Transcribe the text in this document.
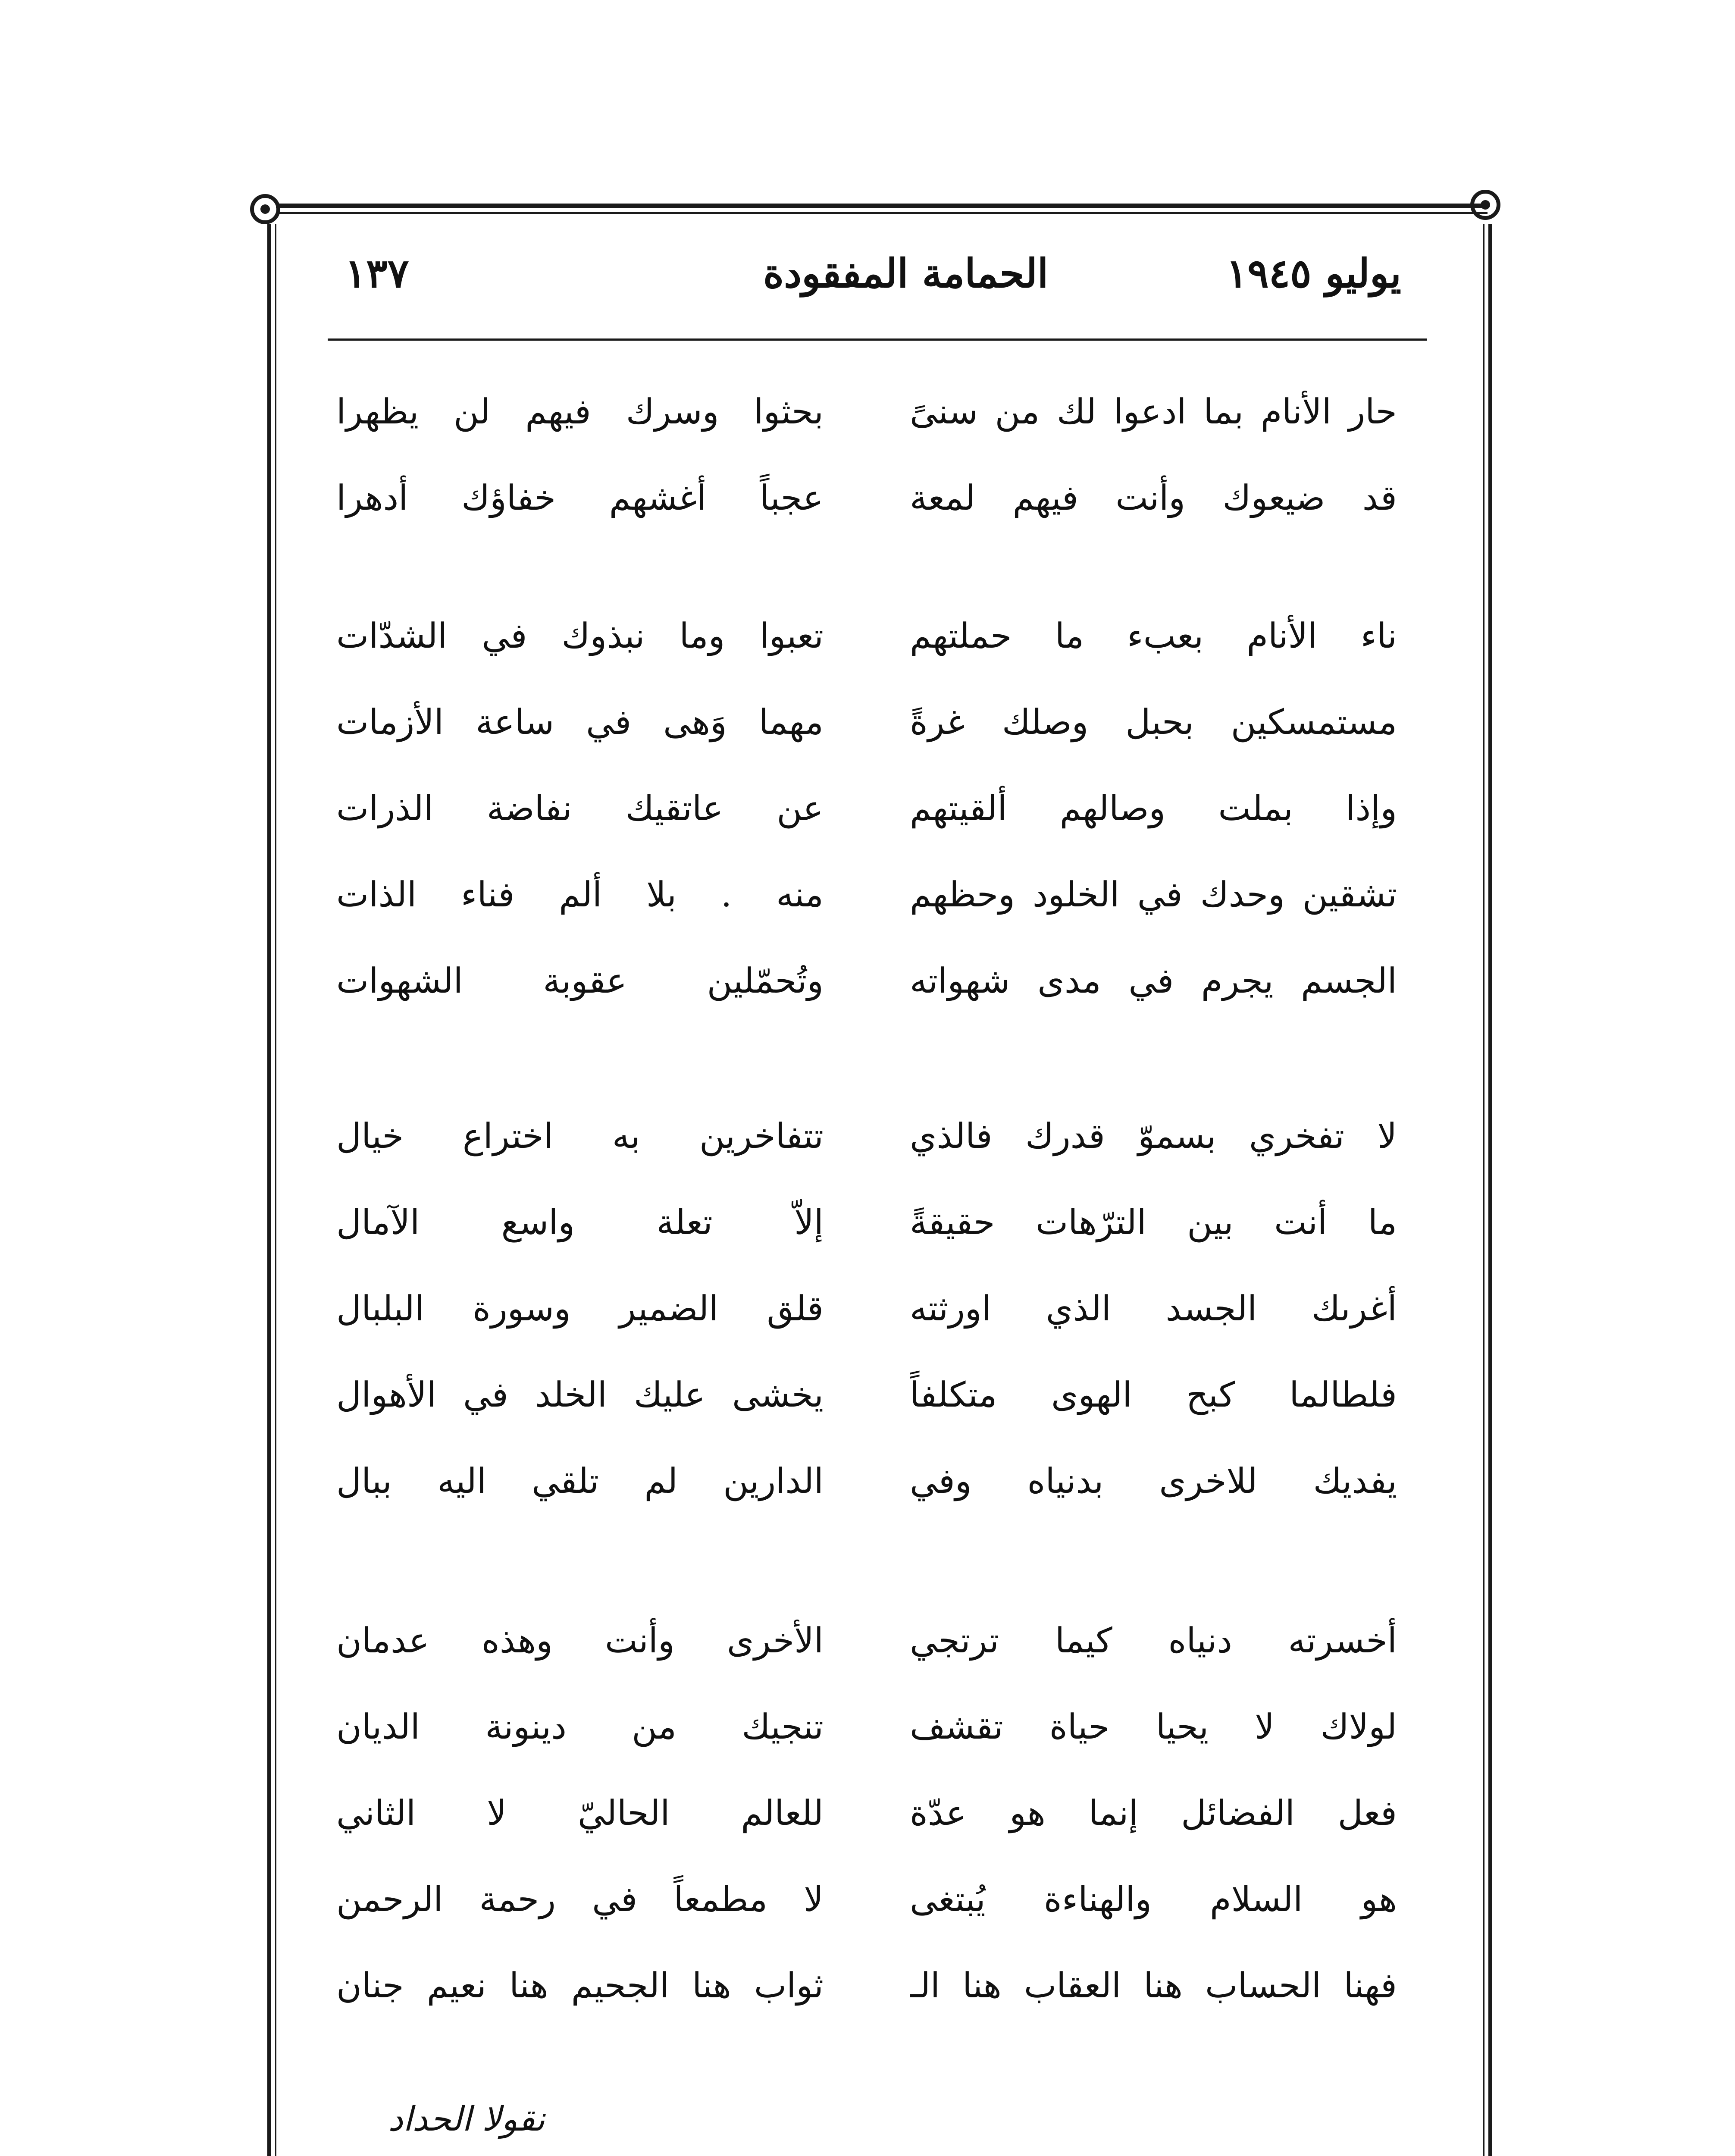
١٣٧	الحمامة المفقودة	يوليو ١٩٤٥
حار الأنام بما ادعوا لك من سنىً
بحثوا وسرك فيهم لن يظهرا
قد ضيعوك وأنت فيهم لمعة
عجباً أغشهم خفاؤك أدهرا
ناء الأنام بعبء ما حملتهم
تعبوا وما نبذوك في الشدّات
مستمسكين بحبل وصلك غرةً
مهما وَهى في ساعة الأزمات
وإذا بملت وصالهم ألقيتهم
عن عاتقيك نفاضة الذرات
تشقين وحدك في الخلود وحظهم
منه . بلا ألم فناء الذات
الجسم يجرم في مدى شهواته
وتُحمّلين عقوبة الشهوات
لا تفخري بسموّ قدرك فالذي
تتفاخرين به اختراع خيال
ما أنت بين الترّهات حقيقةً
إلاّ تعلة واسع الآمال
أغرىك الجسد الذي اورثته
قلق الضمير وسورة البلبال
فلطالما كبح الهوى متكلفاً
يخشى عليك الخلد في الأهوال
يفديك للاخرى بدنياه وفي
الدارين لم تلقي اليه ببال
أخسرته دنياه كيما ترتجي
الأخرى وأنت وهذه عدمان
لولاك لا يحيا حياة تقشف
تنجيك من دينونة الديان
فعل الفضائل إنما هو عدّة
للعالم الحاليّ لا الثاني
هو السلام والهناءة يُبتغى
لا مطمعاً في رحمة الرحمن
فهنا الحساب هنا العقاب هنا الـ
ثواب هنا الجحيم هنا نعيم جنان
نقولا الحداد
